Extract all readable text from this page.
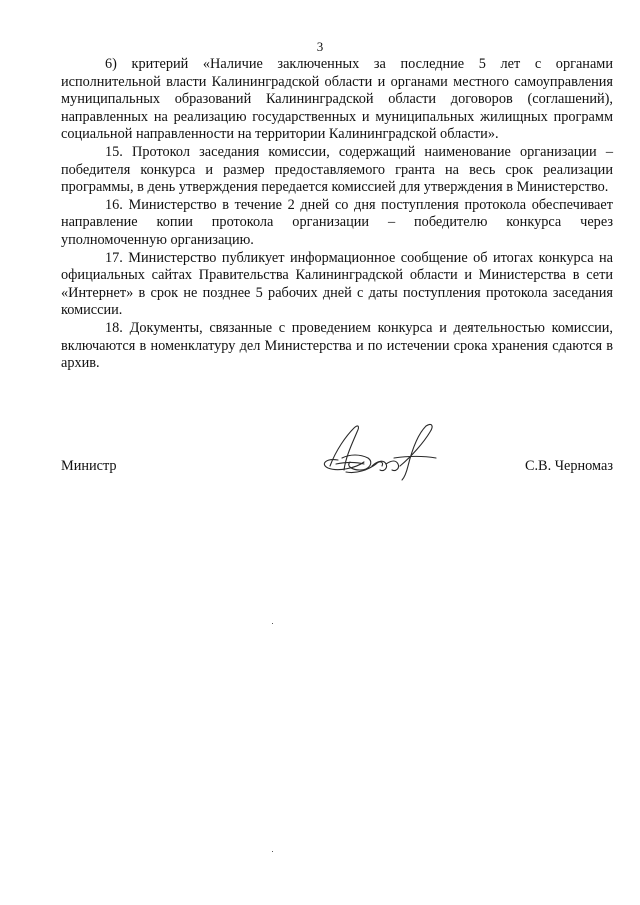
3

6) критерий «Наличие заключенных за последние 5 лет с органами исполнительной власти Калининградской области и органами местного самоуправления муниципальных образований Калининградской области договоров (соглашений), направленных на реализацию государственных и муниципальных жилищных программ социальной направленности на территории Калининградской области».

15. Протокол заседания комиссии, содержащий наименование организации – победителя конкурса и размер предоставляемого гранта на весь срок реализации программы, в день утверждения передается комиссией для утверждения в Министерство.

16. Министерство в течение 2 дней со дня поступления протокола обеспечивает направление копии протокола организации – победителю конкурса через уполномоченную организацию.

17. Министерство публикует информационное сообщение об итогах конкурса на официальных сайтах Правительства Калининградской области и Министерства в сети «Интернет» в срок не позднее 5 рабочих дней с даты поступления протокола заседания комиссии.

18. Документы, связанные с проведением конкурса и деятельностью комиссии, включаются в номенклатуру дел Министерства и по истечении срока хранения сдаются в архив.

Министр	С.В. Черномаз
